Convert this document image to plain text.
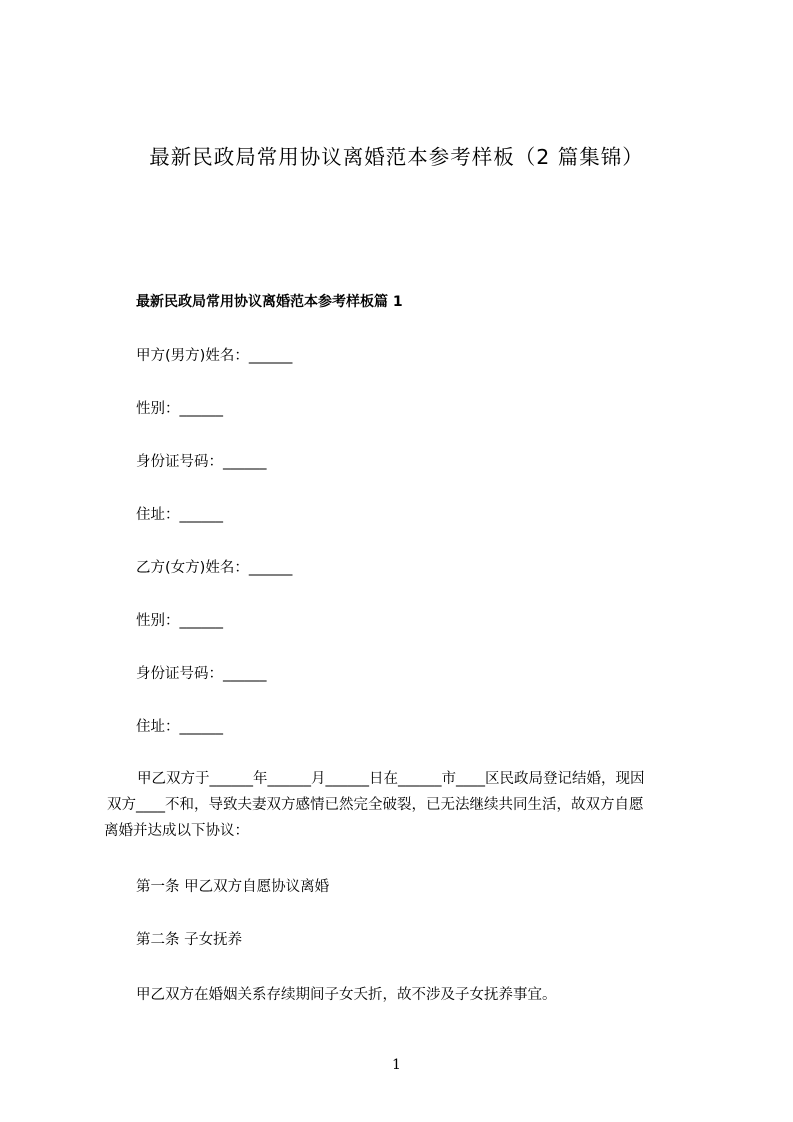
最新民政局常用协议离婚范本参考样板（2 篇集锦）
最新民政局常用协议离婚范本参考样板篇 1
甲方(男方)姓名：______
性别：______
身份证号码：______
住址：______
乙方(女方)姓名：______
性别：______
身份证号码：______
住址：______
甲乙双方于______年______月______日在______市____区民政局登记结婚，现因
双方____不和，导致夫妻双方感情已然完全破裂，已无法继续共同生活，故双方自愿
离婚并达成以下协议：
第一条 甲乙双方自愿协议离婚
第二条 子女抚养
甲乙双方在婚姻关系存续期间子女夭折，故不涉及子女抚养事宜。
1
